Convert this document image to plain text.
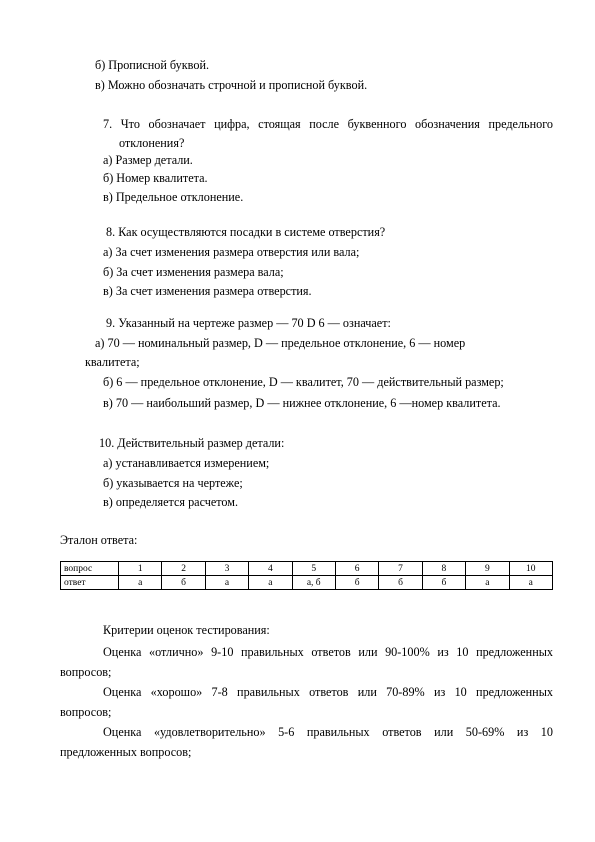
б) Прописной буквой.
в) Можно обозначать строчной и прописной буквой.
7. Что обозначает цифра, стоящая после буквенного обозначения предельного
отклонения?
а) Размер детали.
б) Номер квалитета.
в) Предельное отклонение.
8. Как осуществляются посадки в системе отверстия?
а) За счет изменения размера отверстия или вала;
б) За счет изменения размера вала;
в) За счет изменения размера отверстия.
9. Указанный на чертеже размер — 70 D 6 — означает:
а) 70 — номинальный размер, D — предельное отклонение, 6 — номер
квалитета;
б) 6 — предельное отклонение, D — квалитет, 70 — действительный размер;
в) 70 — наибольший размер, D — нижнее отклонение, 6 —номер квалитета.
10. Действительный размер детали:
а) устанавливается измерением;
б) указывается на чертеже;
в) определяется расчетом.
Эталон ответа:
вопрос	1	2	3	4	5	6	7	8	9	10
ответ	а	б	а	а	а, б	б	б	б	а	а
Критерии оценок тестирования:
Оценка «отлично» 9-10 правильных ответов или 90-100% из 10 предложенных
вопросов;
Оценка «хорошо» 7-8 правильных ответов или 70-89% из 10 предложенных
вопросов;
Оценка «удовлетворительно» 5-6 правильных ответов или 50-69% из 10
предложенных вопросов;
